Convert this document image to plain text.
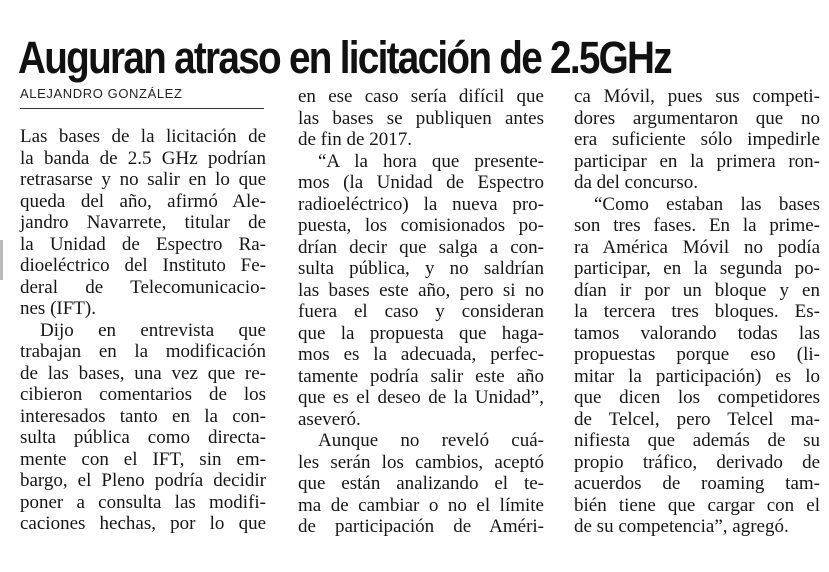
Auguran atraso en licitación de 2.5GHz
ALEJANDRO GONZÁLEZ
Las bases de la licitación de
la banda de 2.5 GHz podrían
retrasarse y no salir en lo que
queda del año, afirmó Ale-
jandro Navarrete, titular de
la Unidad de Espectro Ra-
dioeléctrico del Instituto Fe-
deral de Telecomunicacio-
nes (IFT).
Dijo en entrevista que
trabajan en la modificación
de las bases, una vez que re-
cibieron comentarios de los
interesados tanto en la con-
sulta pública como directa-
mente con el IFT, sin em-
bargo, el Pleno podría decidir
poner a consulta las modifi-
caciones hechas, por lo que
en ese caso sería difícil que
las bases se publiquen antes
de fin de 2017.
“A la hora que presente-
mos (la Unidad de Espectro
radioeléctrico) la nueva pro-
puesta, los comisionados po-
drían decir que salga a con-
sulta pública, y no saldrían
las bases este año, pero si no
fuera el caso y consideran
que la propuesta que haga-
mos es la adecuada, perfec-
tamente podría salir este año
que es el deseo de la Unidad”,
aseveró.
Aunque no reveló cuá-
les serán los cambios, aceptó
que están analizando el te-
ma de cambiar o no el límite
de participación de Améri-
ca Móvil, pues sus competi-
dores argumentaron que no
era suficiente sólo impedirle
participar en la primera ron-
da del concurso.
“Como estaban las bases
son tres fases. En la prime-
ra América Móvil no podía
participar, en la segunda po-
dían ir por un bloque y en
la tercera tres bloques. Es-
tamos valorando todas las
propuestas porque eso (li-
mitar la participación) es lo
que dicen los competidores
de Telcel, pero Telcel ma-
nifiesta que además de su
propio tráfico, derivado de
acuerdos de roaming tam-
bién tiene que cargar con el
de su competencia”, agregó.
